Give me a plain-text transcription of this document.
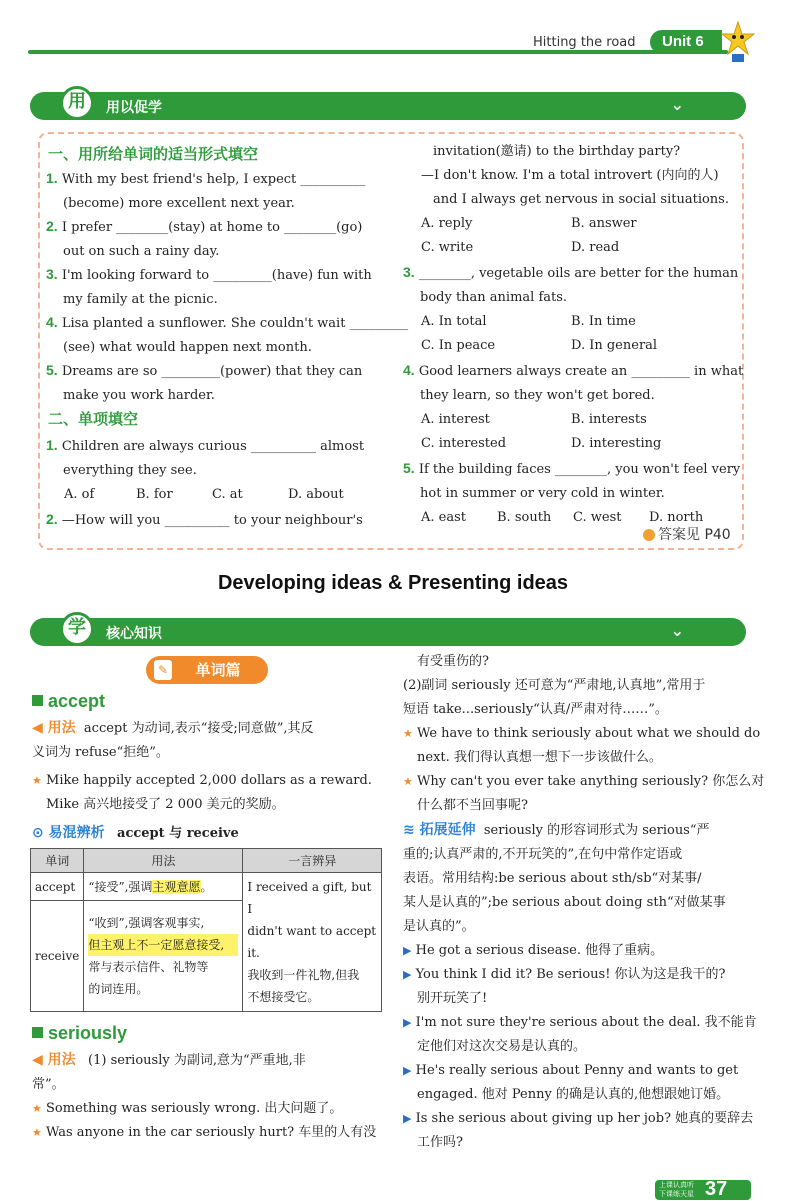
Hitting the road	Unit 6
用	用以促学	⌄
一、用所给单词的适当形式填空
1. With my best friend's help, I expect __________
(become) more excellent next year.
2. I prefer ________(stay) at home to ________(go)
out on such a rainy day.
3. I'm looking forward to _________(have) fun with
my family at the picnic.
4. Lisa planted a sunflower. She couldn't wait _________
(see) what would happen next month.
5. Dreams are so _________(power) that they can
make you work harder.
二、单项填空
1. Children are always curious __________ almost
everything they see.
A. of	B. for	C. at	D. about
2. —How will you __________ to your neighbour's
invitation(邀请) to the birthday party?
—I don't know. I'm a total introvert (内向的人)
and I always get nervous in social situations.
A. reply	B. answer
C. write	D. read
3. ________, vegetable oils are better for the human
body than animal fats.
A. In total	B. In time
C. In peace	D. In general
4. Good learners always create an _________ in what
they learn, so they won't get bored.
A. interest	B. interests
C. interested	D. interesting
5. If the building faces ________, you won't feel very
hot in summer or very cold in winter.
A. east B. south C. west D. north
答案见 P40
Developing ideas & Presenting ideas
学	核心知识	⌄
✎ 单词篇
accept
◀ 用法 accept 为动词,表示“接受;同意做”,其反
义词为 refuse“拒绝”。
★ Mike happily accepted 2,000 dollars as a reward.
Mike 高兴地接受了 2 000 美元的奖励。
⊙ 易混辨析 accept 与 receive
单词	用法	一言辨异
accept	“接受”,强调主观意愿。	I received a gift, but I
didn't want to accept it.
我收到一件礼物,但我
不想接受它。

receive	“收到”,强调客观事实,
但主观上不一定愿意接受,
常与表示信件、礼物等
的词连用。	
seriously
◀ 用法 (1) seriously 为副词,意为“严重地,非
常”。
★ Something was seriously wrong. 出大问题了。
★ Was anyone in the car seriously hurt? 车里的人有没
有受重伤的?
(2)副词 seriously 还可意为“严肃地,认真地”,常用于
短语 take...seriously“认真/严肃对待……”。
★ We have to think seriously about what we should do
next. 我们得认真想一想下一步该做什么。
★ Why can't you ever take anything seriously? 你怎么对
什么都不当回事呢?
≋ 拓展延伸 seriously 的形容词形式为 serious“严
重的;认真严肃的,不开玩笑的”,在句中常作定语或
表语。常用结构:be serious about sth/sb“对某事/
某人是认真的”;be serious about doing sth“对做某事
是认真的”。
▶ He got a serious disease. 他得了重病。
▶ You think I did it? Be serious! 你认为这是我干的?
别开玩笑了!
▶ I'm not sure they're serious about the deal. 我不能肯
定他们对这次交易是认真的。
▶ He's really serious about Penny and wants to get
engaged. 他对 Penny 的确是认真的,他想跟她订婚。
▶ Is she serious about giving up her job? 她真的要辞去
工作吗?
上课认真听 下课练天星 37
